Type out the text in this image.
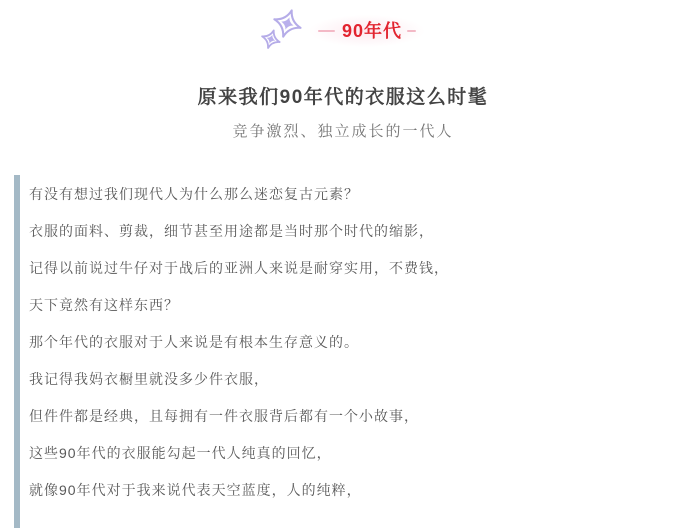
90年代
原来我们90年代的衣服这么时髦
竞争激烈、独立成长的一代人

有没有想过我们现代人为什么那么迷恋复古元素？

衣服的面料、剪裁，细节甚至用途都是当时那个时代的缩影，

记得以前说过牛仔对于战后的亚洲人来说是耐穿实用，不费钱，

天下竟然有这样东西？

那个年代的衣服对于人来说是有根本生存意义的。

我记得我妈衣橱里就没多少件衣服，

但件件都是经典，且每拥有一件衣服背后都有一个小故事，

这些90年代的衣服能勾起一代人纯真的回忆，

就像90年代对于我来说代表天空蓝度，人的纯粹，
